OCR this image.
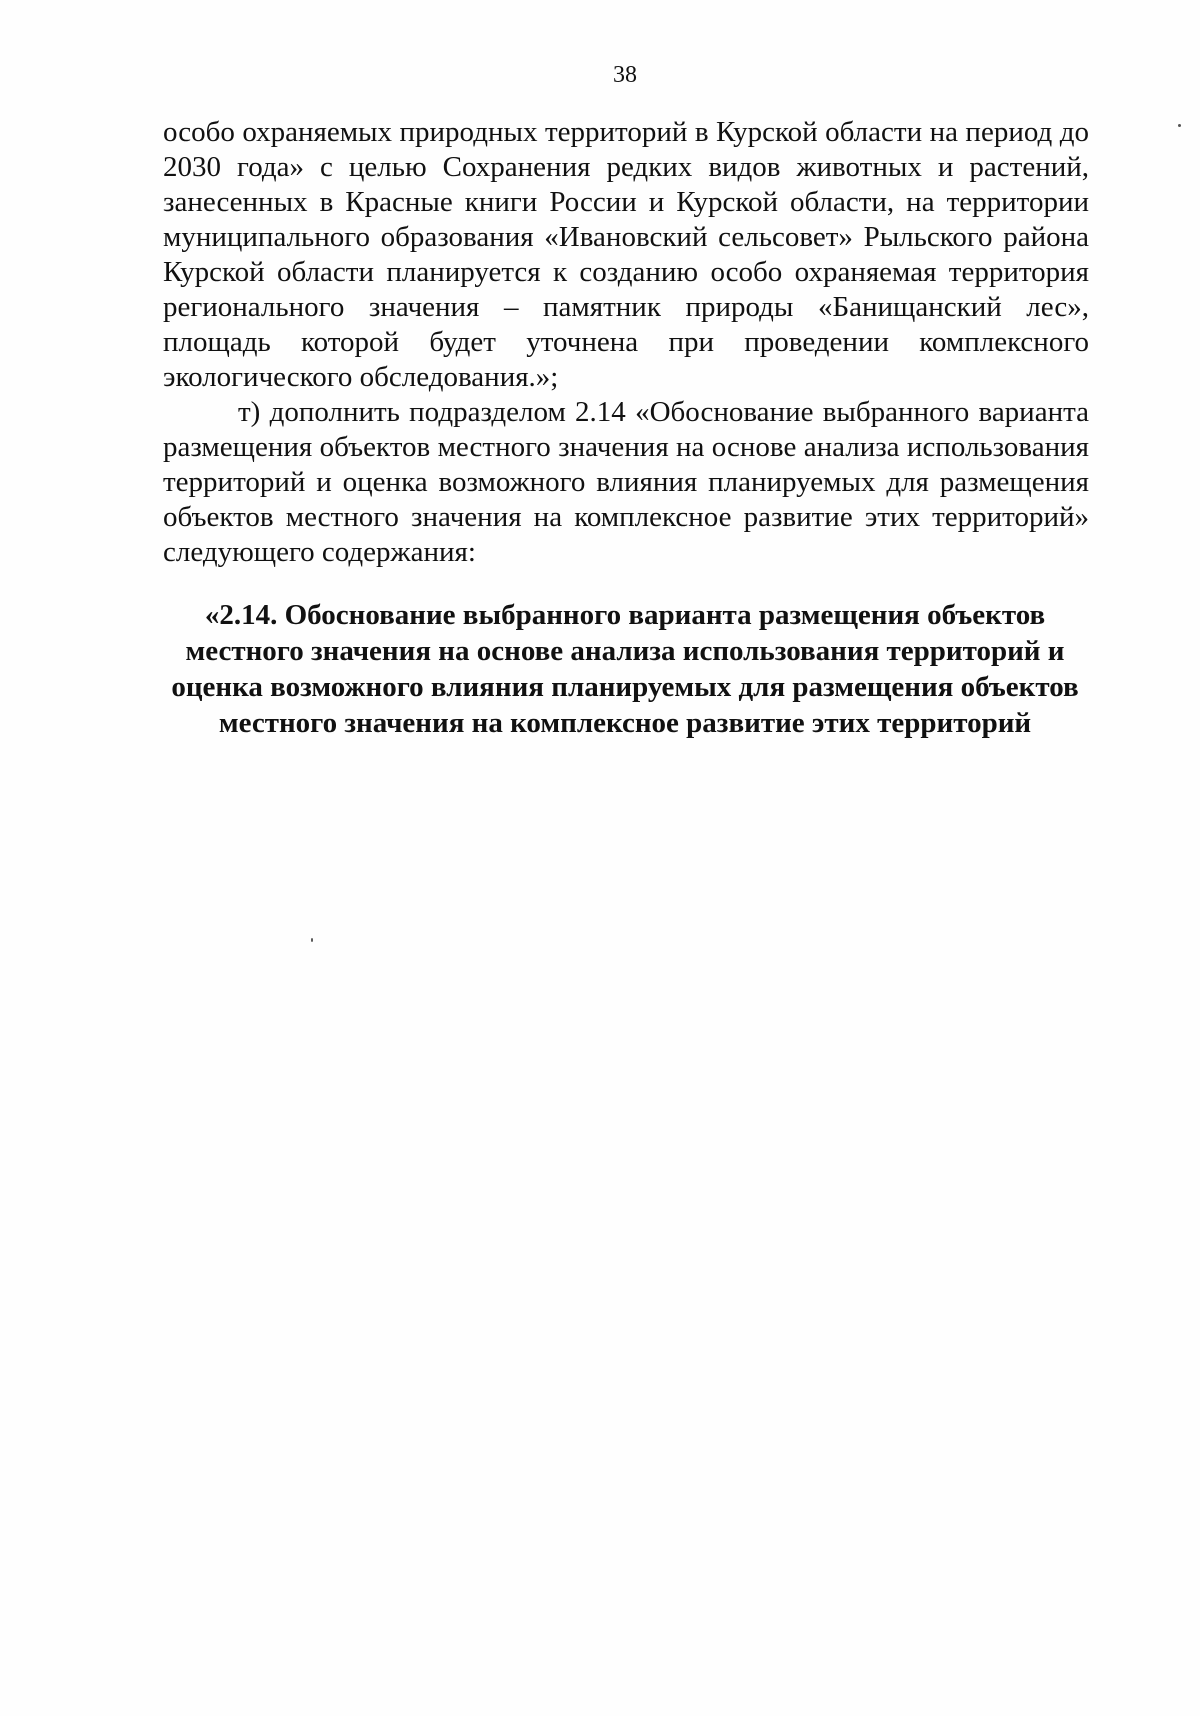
38

особо охраняемых природных территорий в Курской области на период до 2030 года» с целью Сохранения редких видов животных и растений, занесенных в Красные книги России и Курской области, на территории муниципального образования «Ивановский сельсовет» Рыльского района Курской области планируется к созданию особо охраняемая территория регионального значения – памятник природы «Банищанский лес», площадь которой будет уточнена при проведении комплексного экологического обследования.»;

т) дополнить подразделом 2.14 «Обоснование выбранного варианта размещения объектов местного значения на основе анализа использования территорий и оценка возможного влияния планируемых для размещения объектов местного значения на комплексное развитие этих территорий» следующего содержания:

«2.14. Обоснование выбранного варианта размещения объектов местного значения на основе анализа использования территорий и оценка возможного влияния планируемых для размещения объектов местного значения на комплексное развитие этих территорий
